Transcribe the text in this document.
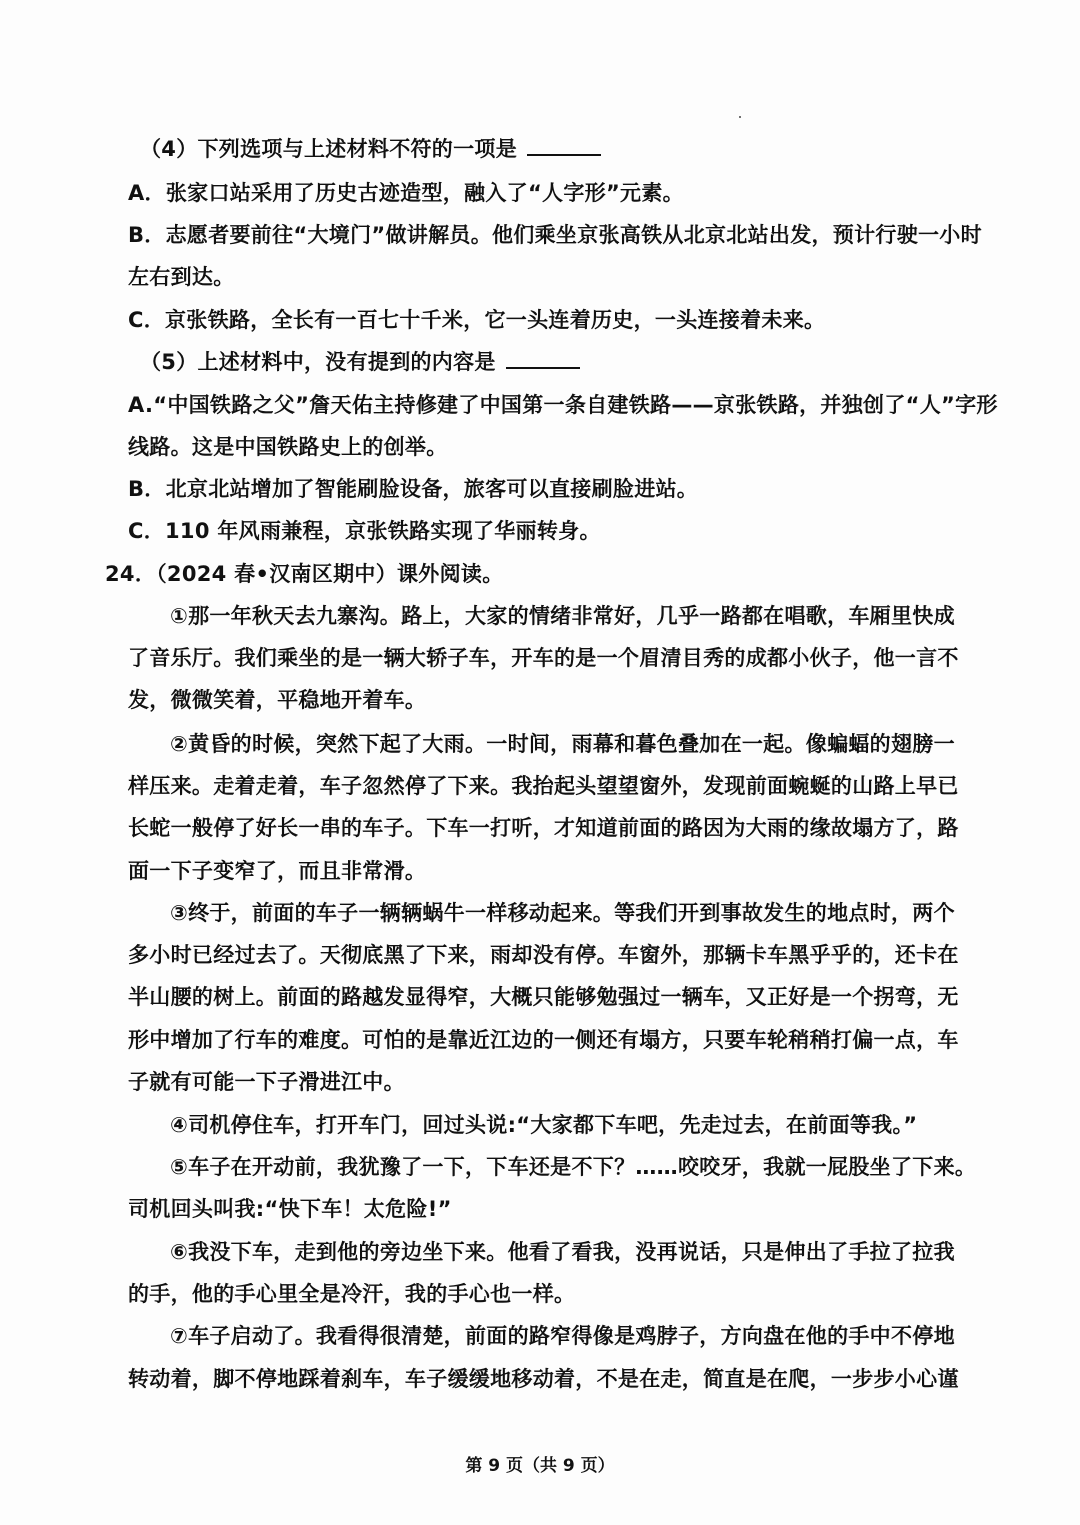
（4）下列选项与上述材料不符的一项是
A．张家口站采用了历史古迹造型，融入了“人字形”元素。
B．志愿者要前往“大境门”做讲解员。他们乘坐京张高铁从北京北站出发，预计行驶一小时
左右到达。
C．京张铁路，全长有一百七十千米，它一头连着历史，一头连接着未来。
（5）上述材料中，没有提到的内容是
A.“中国铁路之父”詹天佑主持修建了中国第一条自建铁路——京张铁路，并独创了“人”字形
线路。这是中国铁路史上的创举。
B．北京北站增加了智能刷脸设备，旅客可以直接刷脸进站。
C．110 年风雨兼程，京张铁路实现了华丽转身。
24．（2024 春•汉南区期中）课外阅读。
①那一年秋天去九寨沟。路上，大家的情绪非常好，几乎一路都在唱歌，车厢里快成
了音乐厅。我们乘坐的是一辆大轿子车，开车的是一个眉清目秀的成都小伙子，他一言不
发，微微笑着，平稳地开着车。
②黄昏的时候，突然下起了大雨。一时间，雨幕和暮色叠加在一起。像蝙蝠的翅膀一
样压来。走着走着，车子忽然停了下来。我抬起头望望窗外，发现前面蜿蜒的山路上早已
长蛇一般停了好长一串的车子。下车一打听，才知道前面的路因为大雨的缘故塌方了，路
面一下子变窄了，而且非常滑。
③终于，前面的车子一辆辆蜗牛一样移动起来。等我们开到事故发生的地点时，两个
多小时已经过去了。天彻底黑了下来，雨却没有停。车窗外，那辆卡车黑乎乎的，还卡在
半山腰的树上。前面的路越发显得窄，大概只能够勉强过一辆车，又正好是一个拐弯，无
形中增加了行车的难度。可怕的是靠近江边的一侧还有塌方，只要车轮稍稍打偏一点，车
子就有可能一下子滑进江中。
④司机停住车，打开车门，回过头说:“大家都下车吧，先走过去，在前面等我。”
⑤车子在开动前，我犹豫了一下，下车还是不下？……咬咬牙，我就一屁股坐了下来。
司机回头叫我:“快下车！太危险!”
⑥我没下车，走到他的旁边坐下来。他看了看我，没再说话，只是伸出了手拉了拉我
的手，他的手心里全是冷汗，我的手心也一样。
⑦车子启动了。我看得很清楚，前面的路窄得像是鸡脖子，方向盘在他的手中不停地
转动着，脚不停地踩着刹车，车子缓缓地移动着，不是在走，简直是在爬，一步步小心谨
第 9 页（共 9 页）
